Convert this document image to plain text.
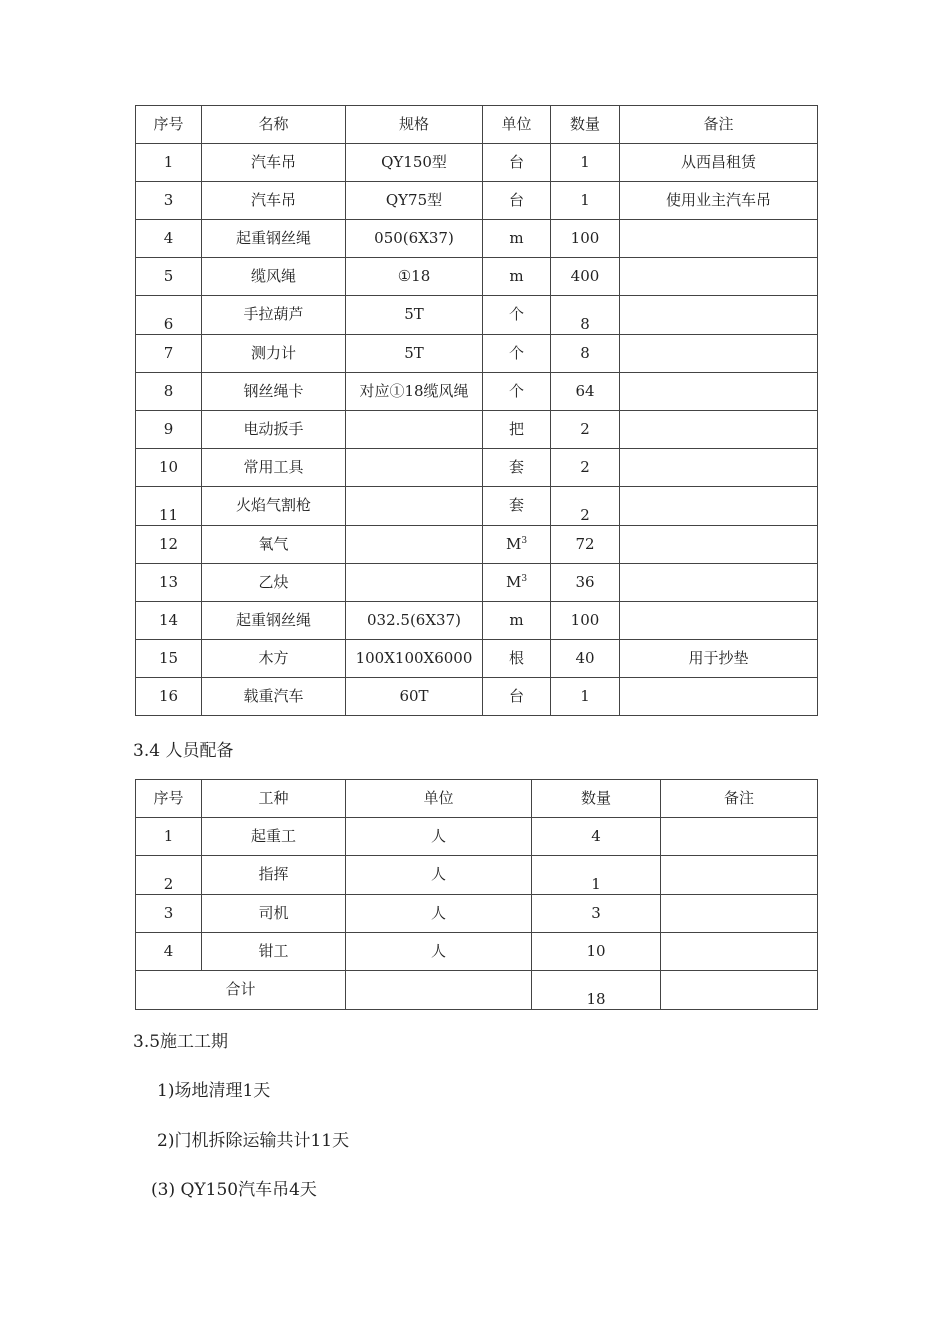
序号	名称	规格	单位	数量	备注
1	汽车吊	QY150型	台	1	从西昌租赁
3	汽车吊	QY75型	台	1	使用业主汽车吊
4	起重钢丝绳	050(6X37)	m	100	
5	缆风绳	①18	m	400	
6	手拉葫芦	5T	个	8	
7	测力计	5T	个	8	
8	钢丝绳卡	对应①18缆风绳	个	64	
9	电动扳手		把	2	
10	常用工具		套	2	
11	火焰气割枪		套	2	
12	氧气		$M^3$	72	
13	乙炔		$M^3$	36	
14	起重钢丝绳	032.5(6X37)	m	100	
15	木方	100X100X6000	根	40	用于抄垫
16	载重汽车	60T	台	1	
3.4 人员配备
序号	工种	单位	数量	备注
1	起重工	人	4	
2	指挥	人	1	
3	司机	人	3	
4	钳工	人	10	
合计			18	
3.5施工工期
1)场地清理1天
2)门机拆除运输共计11天
(3) QY150汽车吊4天
